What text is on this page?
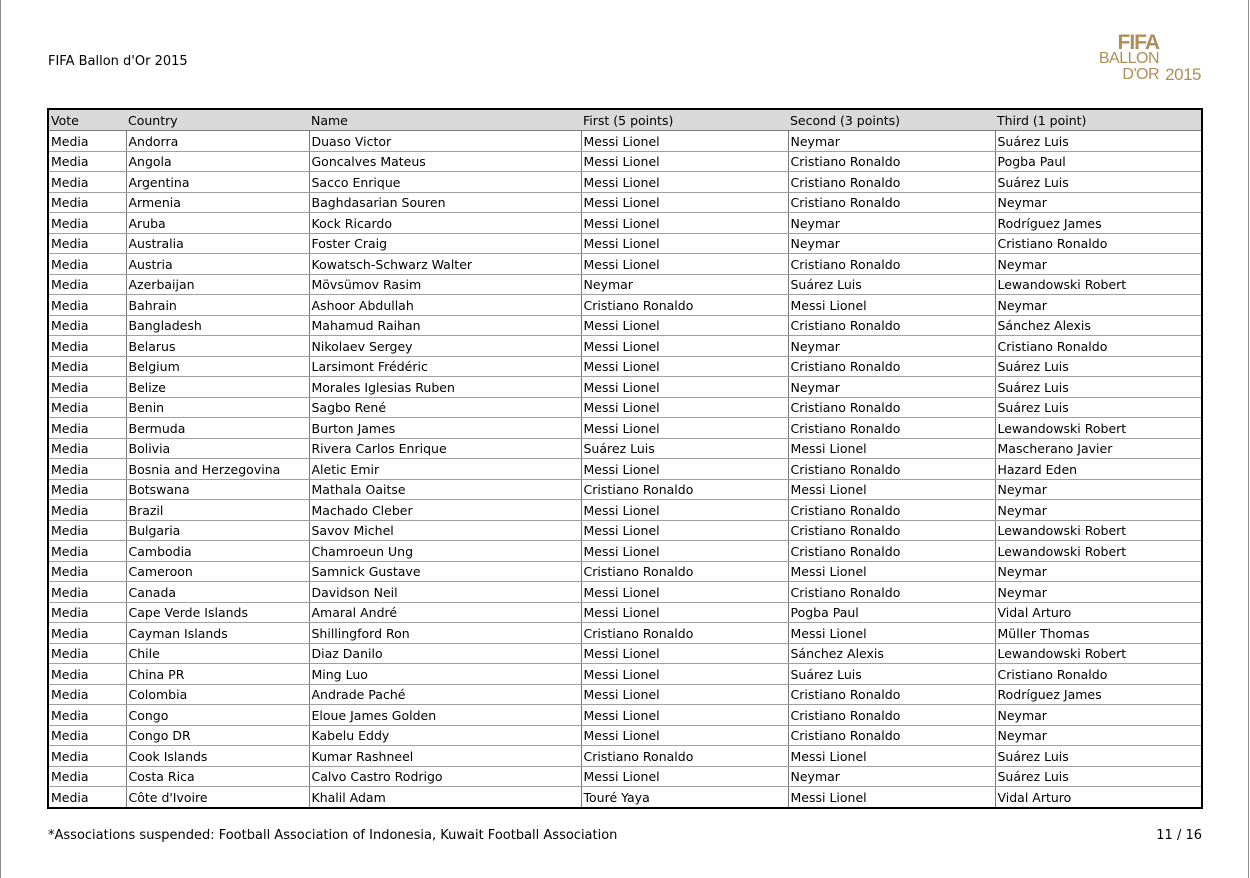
FIFA Ballon d'Or 2015
FIFA
BALLON
D'OR 2015
Vote	Country	Name	First (5 points)	Second (3 points)	Third (1 point)
Media	Andorra	Duaso Victor	Messi Lionel	Neymar	Suárez Luis
Media	Angola	Goncalves Mateus	Messi Lionel	Cristiano Ronaldo	Pogba Paul
Media	Argentina	Sacco Enrique	Messi Lionel	Cristiano Ronaldo	Suárez Luis
Media	Armenia	Baghdasarian Souren	Messi Lionel	Cristiano Ronaldo	Neymar
Media	Aruba	Kock Ricardo	Messi Lionel	Neymar	Rodríguez James
Media	Australia	Foster Craig	Messi Lionel	Neymar	Cristiano Ronaldo
Media	Austria	Kowatsch-Schwarz Walter	Messi Lionel	Cristiano Ronaldo	Neymar
Media	Azerbaijan	Mövsümov Rasim	Neymar	Suárez Luis	Lewandowski Robert
Media	Bahrain	Ashoor Abdullah	Cristiano Ronaldo	Messi Lionel	Neymar
Media	Bangladesh	Mahamud Raihan	Messi Lionel	Cristiano Ronaldo	Sánchez Alexis
Media	Belarus	Nikolaev Sergey	Messi Lionel	Neymar	Cristiano Ronaldo
Media	Belgium	Larsimont Frédéric	Messi Lionel	Cristiano Ronaldo	Suárez Luis
Media	Belize	Morales Iglesias Ruben	Messi Lionel	Neymar	Suárez Luis
Media	Benin	Sagbo René	Messi Lionel	Cristiano Ronaldo	Suárez Luis
Media	Bermuda	Burton James	Messi Lionel	Cristiano Ronaldo	Lewandowski Robert
Media	Bolivia	Rivera Carlos Enrique	Suárez Luis	Messi Lionel	Mascherano Javier
Media	Bosnia and Herzegovina	Aletic Emir	Messi Lionel	Cristiano Ronaldo	Hazard Eden
Media	Botswana	Mathala Oaitse	Cristiano Ronaldo	Messi Lionel	Neymar
Media	Brazil	Machado Cleber	Messi Lionel	Cristiano Ronaldo	Neymar
Media	Bulgaria	Savov Michel	Messi Lionel	Cristiano Ronaldo	Lewandowski Robert
Media	Cambodia	Chamroeun Ung	Messi Lionel	Cristiano Ronaldo	Lewandowski Robert
Media	Cameroon	Samnick Gustave	Cristiano Ronaldo	Messi Lionel	Neymar
Media	Canada	Davidson Neil	Messi Lionel	Cristiano Ronaldo	Neymar
Media	Cape Verde Islands	Amaral André	Messi Lionel	Pogba Paul	Vidal Arturo
Media	Cayman Islands	Shillingford Ron	Cristiano Ronaldo	Messi Lionel	Müller Thomas
Media	Chile	Diaz Danilo	Messi Lionel	Sánchez Alexis	Lewandowski Robert
Media	China PR	Ming Luo	Messi Lionel	Suárez Luis	Cristiano Ronaldo
Media	Colombia	Andrade Paché	Messi Lionel	Cristiano Ronaldo	Rodríguez James
Media	Congo	Eloue James Golden	Messi Lionel	Cristiano Ronaldo	Neymar
Media	Congo DR	Kabelu Eddy	Messi Lionel	Cristiano Ronaldo	Neymar
Media	Cook Islands	Kumar Rashneel	Cristiano Ronaldo	Messi Lionel	Suárez Luis
Media	Costa Rica	Calvo Castro Rodrigo	Messi Lionel	Neymar	Suárez Luis
Media	Côte d'Ivoire	Khalil Adam	Touré Yaya	Messi Lionel	Vidal Arturo
*Associations suspended: Football Association of Indonesia, Kuwait Football Association	11 / 16
